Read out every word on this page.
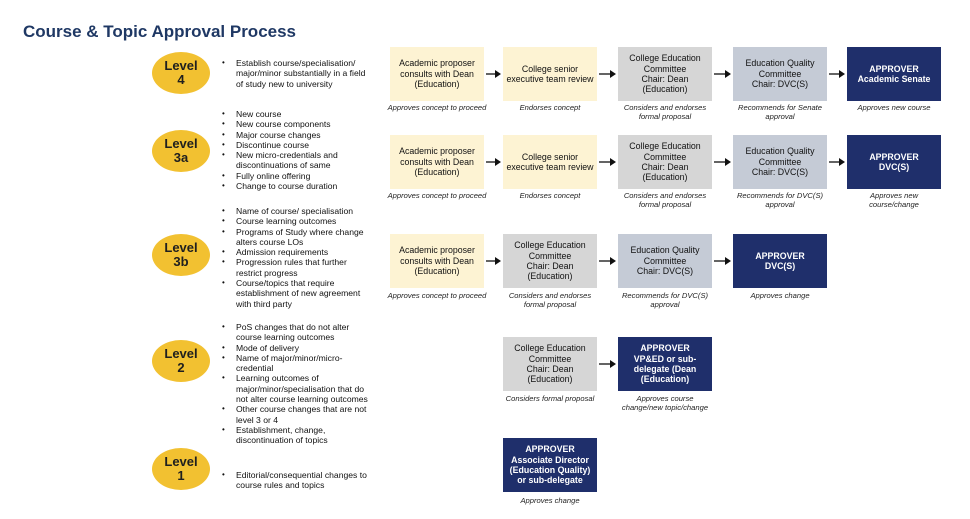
Course & Topic Approval Process
Level
4
• Establish course/specialisation/ major/minor substantially in a field of study new to university
Academic proposer consults with Dean (Education)
Approves concept to proceed
College senior executive team review
Endorses concept
College Education Committee
Chair: Dean (Education)
Considers and endorses formal proposal
Education Quality Committee
Chair: DVC(S)
Recommends for Senate approval
APPROVER
Academic Senate
Approves new course
Level
3a
• New course
• New course components
• Major course changes
• Discontinue course
• New micro-credentials and discontinuations of same
• Fully online offering
• Change to course duration
Academic proposer consults with Dean (Education)
Approves concept to proceed
College senior executive team review
Endorses concept
College Education Committee
Chair: Dean (Education)
Considers and endorses formal proposal
Education Quality Committee
Chair: DVC(S)
Recommends for DVC(S) approval
APPROVER
DVC(S)
Approves new course/change
Level
3b
• Name of course/ specialisation
• Course learning outcomes
• Programs of Study where change alters course LOs
• Admission requirements
• Progression rules that further restrict progress
• Course/topics that require establishment of new agreement with third party
Academic proposer consults with Dean (Education)
Approves concept to proceed
College Education Committee
Chair: Dean (Education)
Considers and endorses formal proposal
Education Quality Committee
Chair: DVC(S)
Recommends for DVC(S) approval
APPROVER
DVC(S)
Approves change
Level
2
• PoS changes that do not alter course learning outcomes
• Mode of delivery
• Name of major/minor/micro-credential
• Learning outcomes of major/minor/specialisation that do not alter course learning outcomes
• Other course changes that are not level 3 or 4
• Establishment, change, discontinuation of topics
College Education Committee
Chair: Dean (Education)
Considers formal proposal
APPROVER
VP&ED or sub-delegate (Dean (Education)
Approves course change/new topic/change
Level
1
•	Editorial/consequential changes to course rules and topics
APPROVER
Associate Director (Education Quality) or sub-delegate
Approves change
